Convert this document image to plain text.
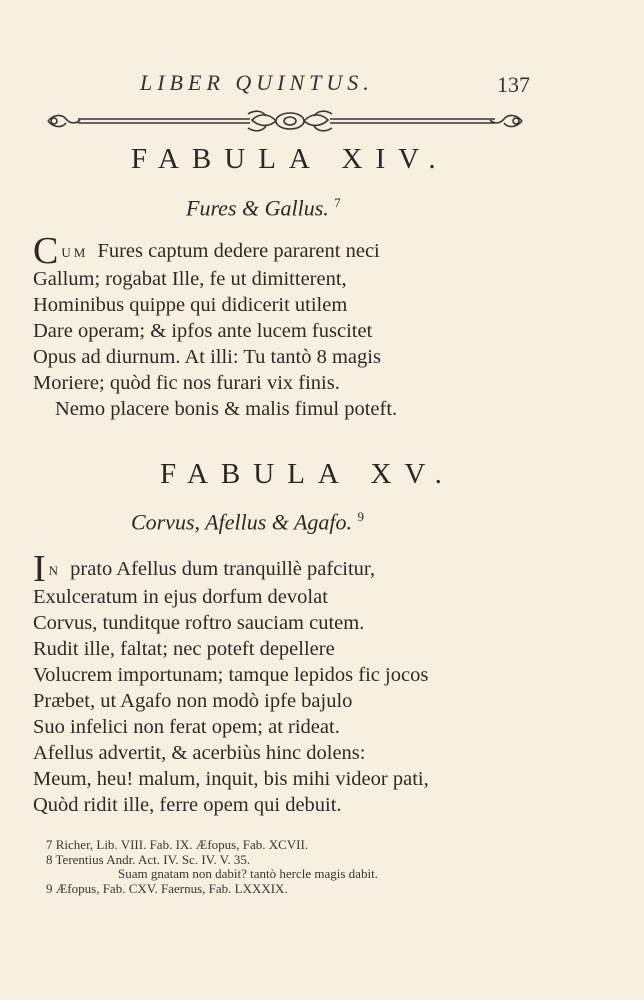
LIBER QUINTUS.	137
FABULA XIV.
Fures & Gallus. $^7$
CUM Fures captum dedere pararent neci
Gallum; rogabat Ille, fe ut dimitterent,
Hominibus quippe qui didicerit utilem
Dare operam; & ipfos ante lucem fuscitet
Opus ad diurnum. At illi: Tu tantò 8 magis
Moriere; quòd fic nos furari vix finis.
Nemo placere bonis & malis fimul poteft.
FABULA XV.
Corvus, Afellus & Agafo. $^9$
I N prato Afellus dum tranquillè pafcitur,
Exulceratum in ejus dorfum devolat
Corvus, tunditque roftro sauciam cutem.
Rudit ille, faltat; nec poteft depellere
Volucrem importunam; tamque lepidos fic jocos
Præbet, ut Agafo non modò ipfe bajulo
Suo infelici non ferat opem; at rideat.
Afellus advertit, & acerbiùs hinc dolens:
Meum, heu! malum, inquit, bis mihi videor pati,
Quòd ridit ille, ferre opem qui debuit.
7 Richer, Lib. VIII. Fab. IX. Æfopus, Fab. XCVII.
8 Terentius Andr. Act. IV. Sc. IV. V. 35.
Suam gnatam non dabit? tantò hercle magis dabit.
9 Æfopus, Fab. CXV. Faernus, Fab. LXXXIX.
